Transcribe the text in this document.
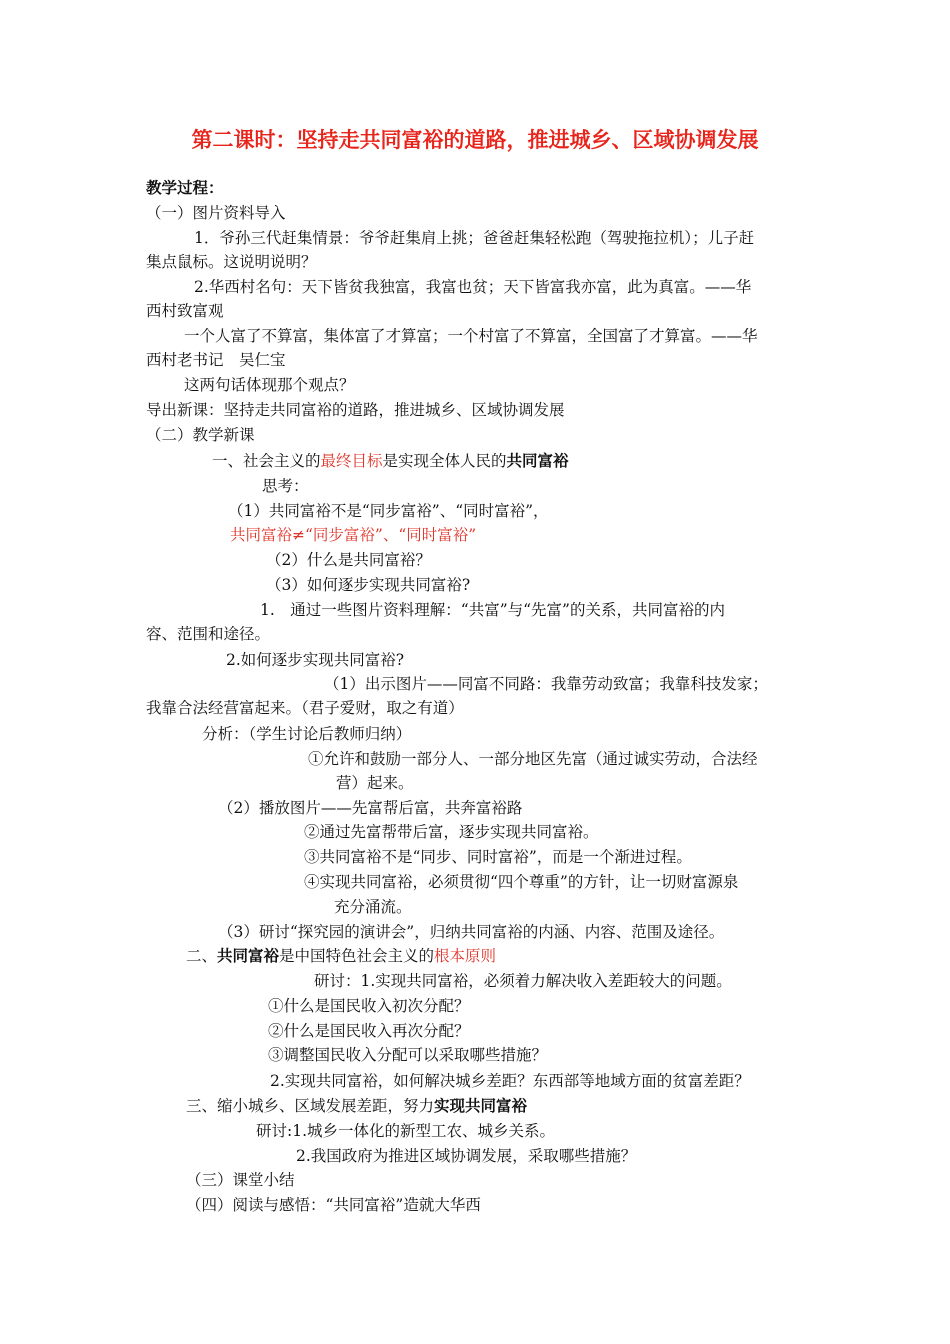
第二课时：坚持走共同富裕的道路，推进城乡、区域协调发展
教学过程：
（一）图片资料导入
1．爷孙三代赶集情景：爷爷赶集肩上挑；爸爸赶集轻松跑（驾驶拖拉机）；儿子赶
集点鼠标。这说明说明？
2.华西村名句：天下皆贫我独富，我富也贫；天下皆富我亦富，此为真富。——华
西村致富观
一个人富了不算富，集体富了才算富；一个村富了不算富，全国富了才算富。——华
西村老书记　吴仁宝
这两句话体现那个观点？
导出新课：坚持走共同富裕的道路，推进城乡、区域协调发展
（二）教学新课
一、社会主义的最终目标是实现全体人民的共同富裕
思考：
（1）共同富裕不是“同步富裕”、“同时富裕”，
共同富裕≠“同步富裕”、“同时富裕”
（2）什么是共同富裕？
（3）如何逐步实现共同富裕?
1.　通过一些图片资料理解：“共富”与“先富”的关系，共同富裕的内
容、范围和途径。
2.如何逐步实现共同富裕?
（1）出示图片——同富不同路：我靠劳动致富；我靠科技发家；
我靠合法经营富起来。（君子爱财，取之有道）
分析：（学生讨论后教师归纳）
①允许和鼓励一部分人、一部分地区先富（通过诚实劳动，合法经
营）起来。
（2）播放图片——先富帮后富，共奔富裕路
②通过先富帮带后富，逐步实现共同富裕。
③共同富裕不是“同步、同时富裕”，而是一个渐进过程。
④实现共同富裕，必须贯彻“四个尊重”的方针，让一切财富源泉
充分涌流。
（3）研讨“探究园的演讲会”，归纳共同富裕的内涵、内容、范围及途径。
二、共同富裕是中国特色社会主义的根本原则
研讨：1.实现共同富裕，必须着力解决收入差距较大的问题。
①什么是国民收入初次分配？
②什么是国民收入再次分配？
③调整国民收入分配可以采取哪些措施？
2.实现共同富裕，如何解决城乡差距？东西部等地域方面的贫富差距？
三、缩小城乡、区域发展差距，努力实现共同富裕
研讨:1.城乡一体化的新型工农、城乡关系。
2.我国政府为推进区域协调发展，采取哪些措施？
（三）课堂小结
（四）阅读与感悟：“共同富裕”造就大华西
